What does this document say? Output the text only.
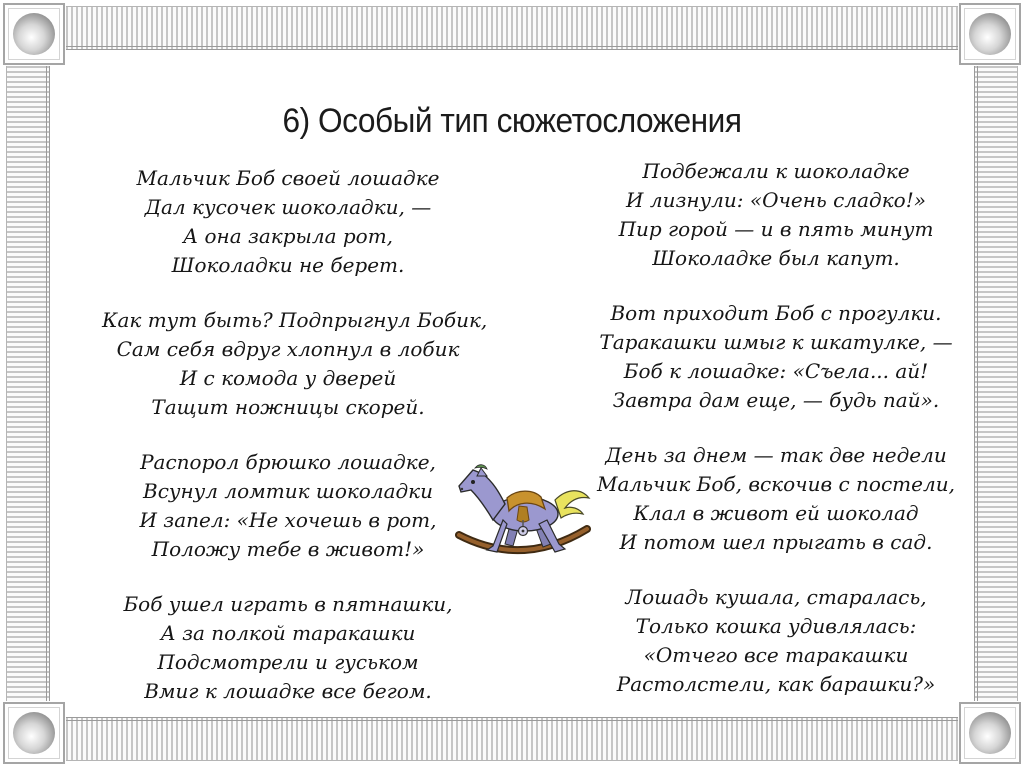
6) Особый тип сюжетосложения

Мальчик Боб своей лошадке

Дал кусочек шоколадки, —

А она закрыла рот,

Шоколадки не берет.

Как тут быть? Подпрыгнул Бобик,

Сам себя вдруг хлопнул в лобик

И с комода у дверей

Тащит ножницы скорей.

Распорол брюшко лошадке,

Всунул ломтик шоколадки

И запел: «Не хочешь в рот,

Положу тебе в живот!»

Боб ушел играть в пятнашки,

А за полкой таракашки

Подсмотрели и гуськом

Вмиг к лошадке все бегом.

Подбежали к шоколадке

И лизнули: «Очень сладко!»

Пир горой — и в пять минут

Шоколадке был капут.

Вот приходит Боб с прогулки.

Таракашки шмыг к шкатулке, —

Боб к лошадке: «Съела... ай!

Завтра дам еще, — будь пай».

День за днем — так две недели

Мальчик Боб, вскочив с постели,

Клал в живот ей шоколад

И потом шел прыгать в сад.

Лошадь кушала, старалась,

Только кошка удивлялась:

«Отчего все таракашки

Растолстели, как барашки?»
